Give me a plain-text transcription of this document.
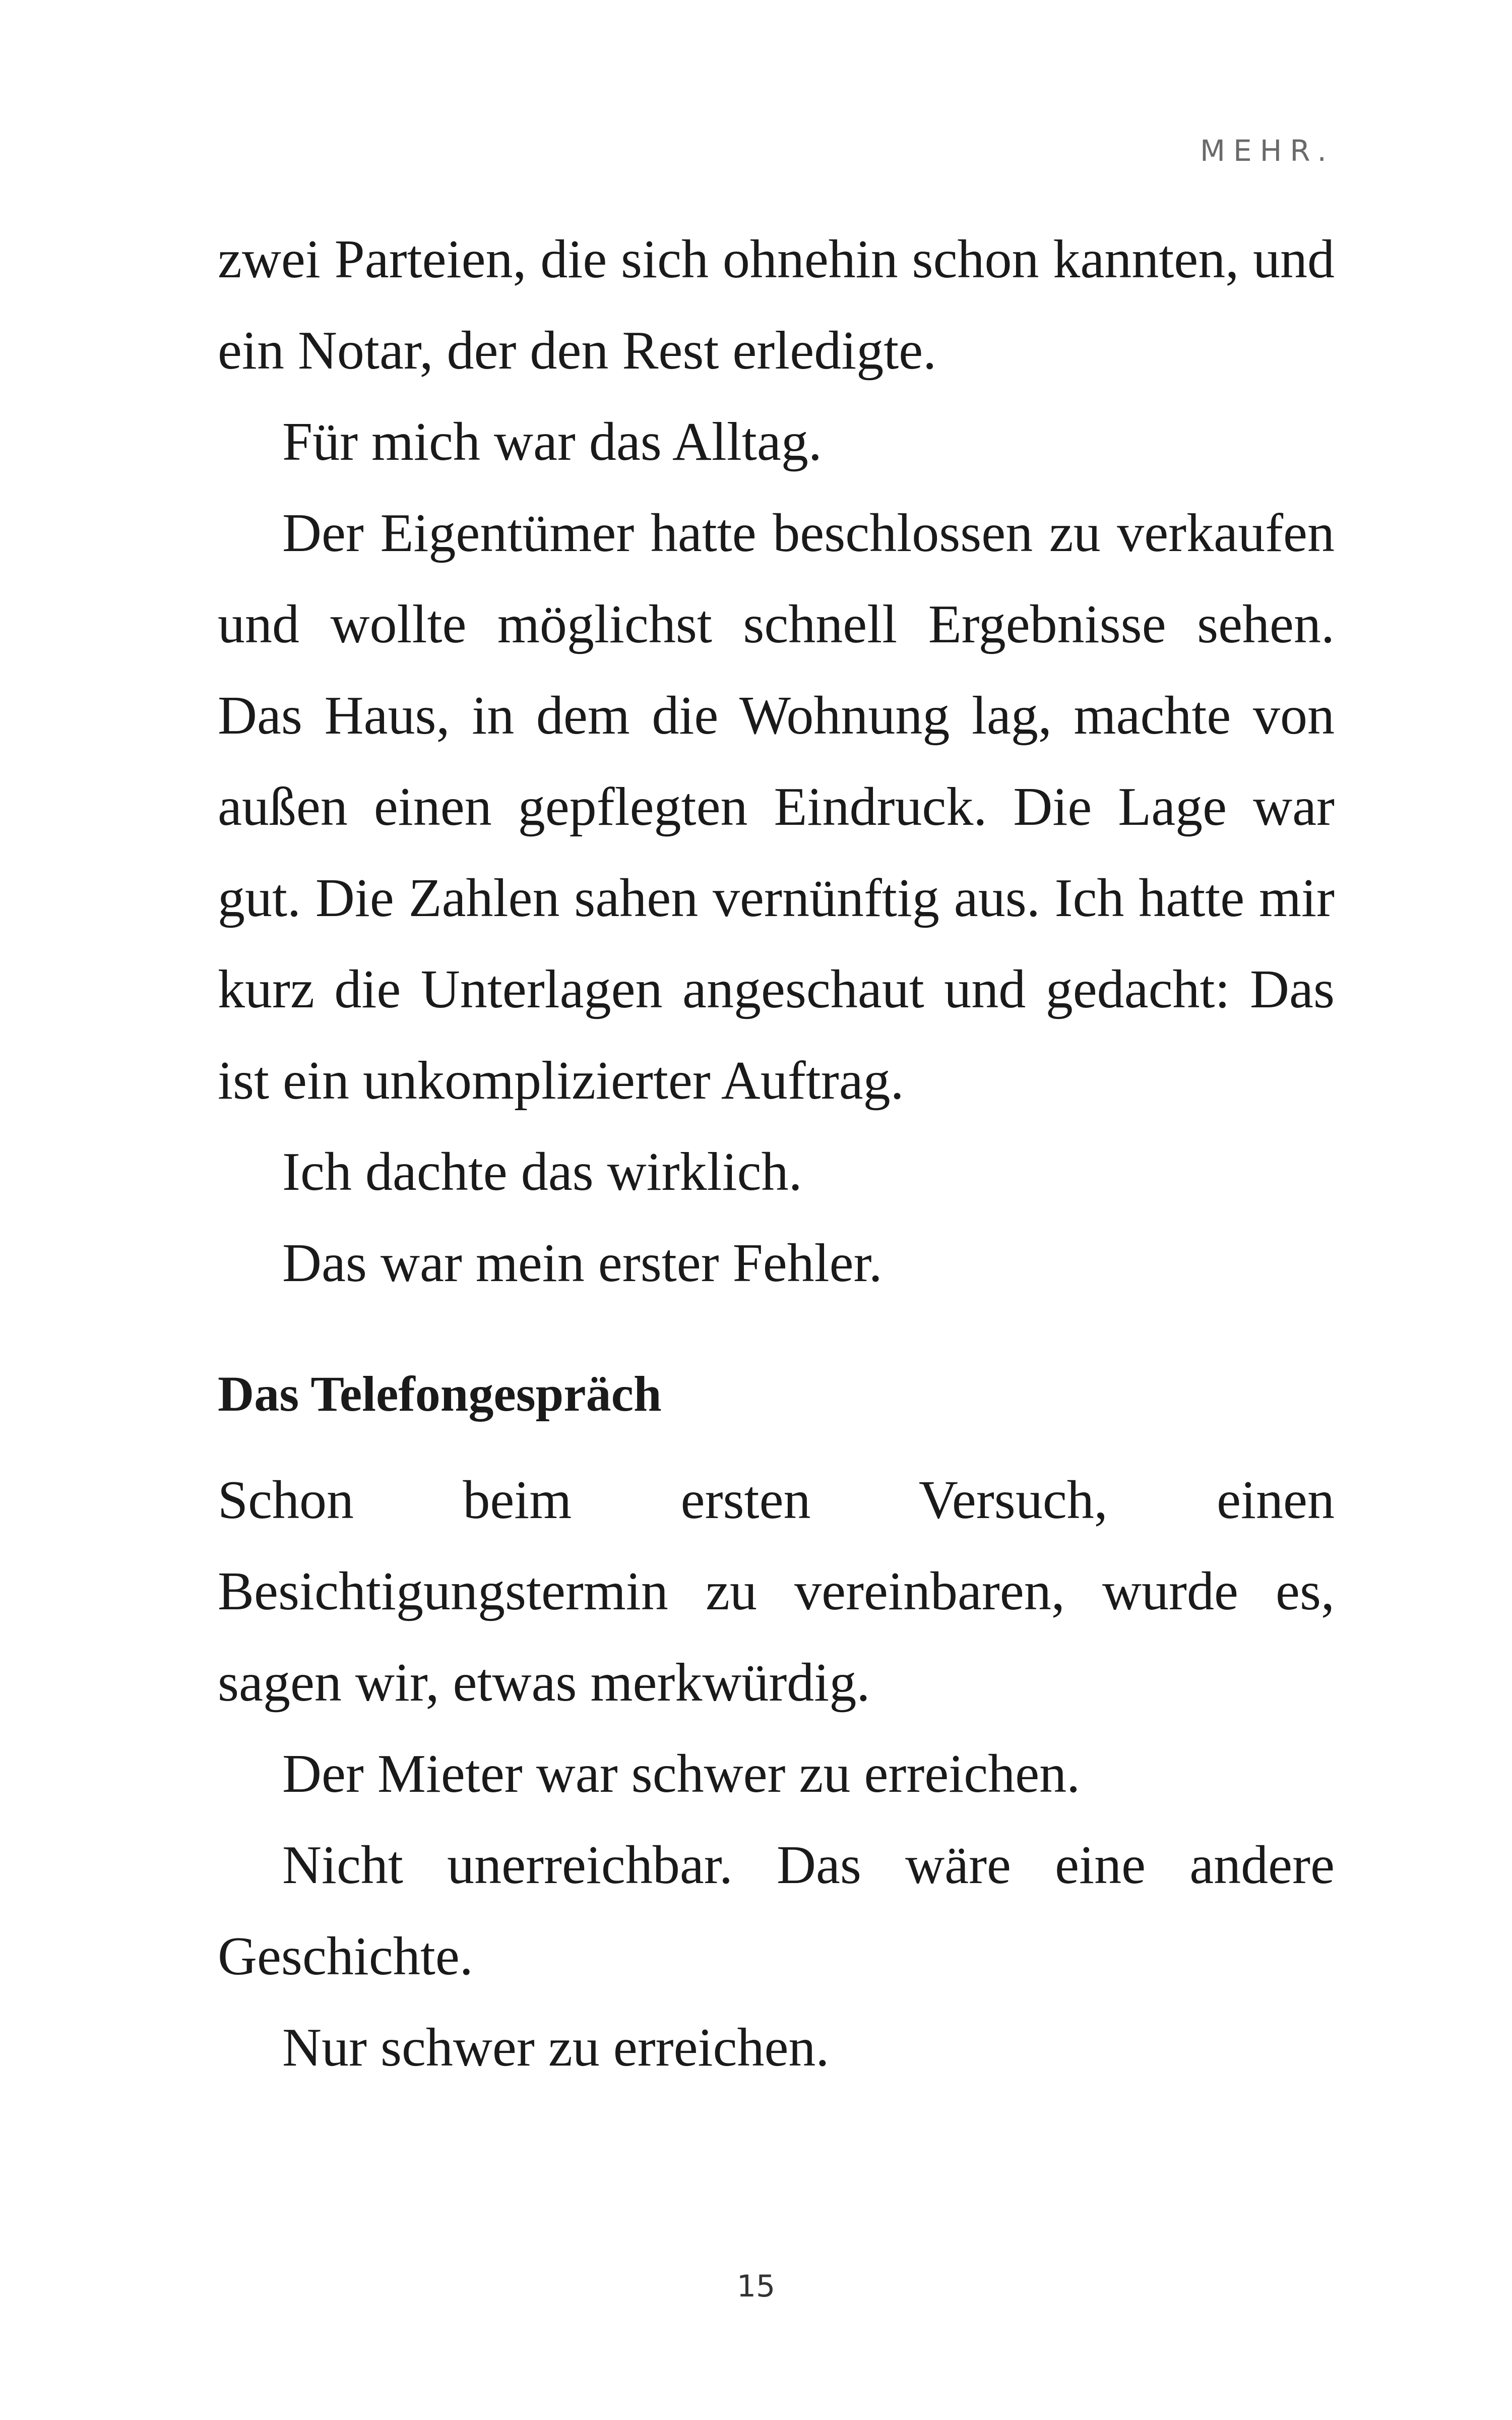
MEHR.

zwei Parteien, die sich ohnehin schon kannten, und ein Notar, der den Rest erledigte.

Für mich war das Alltag.

Der Eigentümer hatte beschlossen zu verkaufen und wollte möglichst schnell Ergebnisse sehen. Das Haus, in dem die Wohnung lag, machte von außen einen gepflegten Eindruck. Die Lage war gut. Die Zahlen sahen vernünftig aus. Ich hatte mir kurz die Unterlagen angeschaut und gedacht: Das ist ein unkomplizierter Auftrag.

Ich dachte das wirklich.

Das war mein erster Fehler.

Das Telefongespräch

Schon beim ersten Versuch, einen Besichtigungstermin zu vereinbaren, wurde es, sagen wir, etwas merkwürdig.

Der Mieter war schwer zu erreichen.

Nicht unerreichbar. Das wäre eine andere Geschichte.

Nur schwer zu erreichen.

15
